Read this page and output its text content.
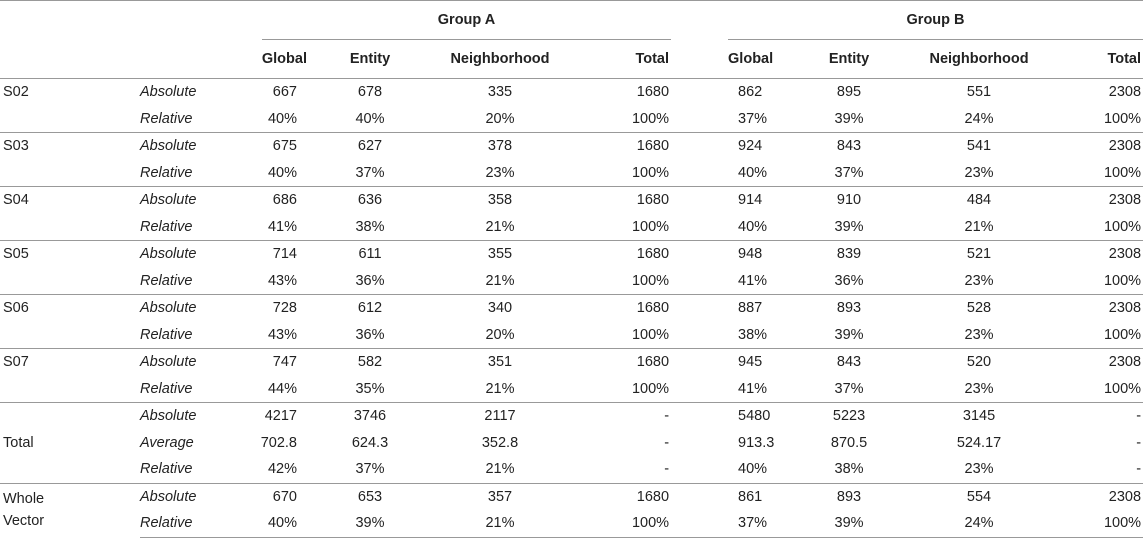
		Group A					Group B			

		Global	Entity	Neighborhood	Total		Global	Entity	Neighborhood	Total
S02	Absolute	667	678	335	1680		862	895	551	2308
	Relative	40%	40%	20%	100%		37%	39%	24%	100%
S03	Absolute	675	627	378	1680		924	843	541	2308
	Relative	40%	37%	23%	100%		40%	37%	23%	100%
S04	Absolute	686	636	358	1680		914	910	484	2308
	Relative	41%	38%	21%	100%		40%	39%	21%	100%
S05	Absolute	714	611	355	1680		948	839	521	2308
	Relative	43%	36%	21%	100%		41%	36%	23%	100%
S06	Absolute	728	612	340	1680		887	893	528	2308
	Relative	43%	36%	20%	100%		38%	39%	23%	100%
S07	Absolute	747	582	351	1680		945	843	520	2308
	Relative	44%	35%	21%	100%		41%	37%	23%	100%
	Absolute	4217	3746	2117	-		5480	5223	3145	-
Total	Average	702.8	624.3	352.8	-		913.3	870.5	524.17	-
	Relative	42%	37%	21%	-		40%	38%	23%	-

Whole
Vector	Absolute	670	653	357	1680		861	893	554	2308
	Relative	40%	39%	21%	100%		37%	39%	24%	100%
